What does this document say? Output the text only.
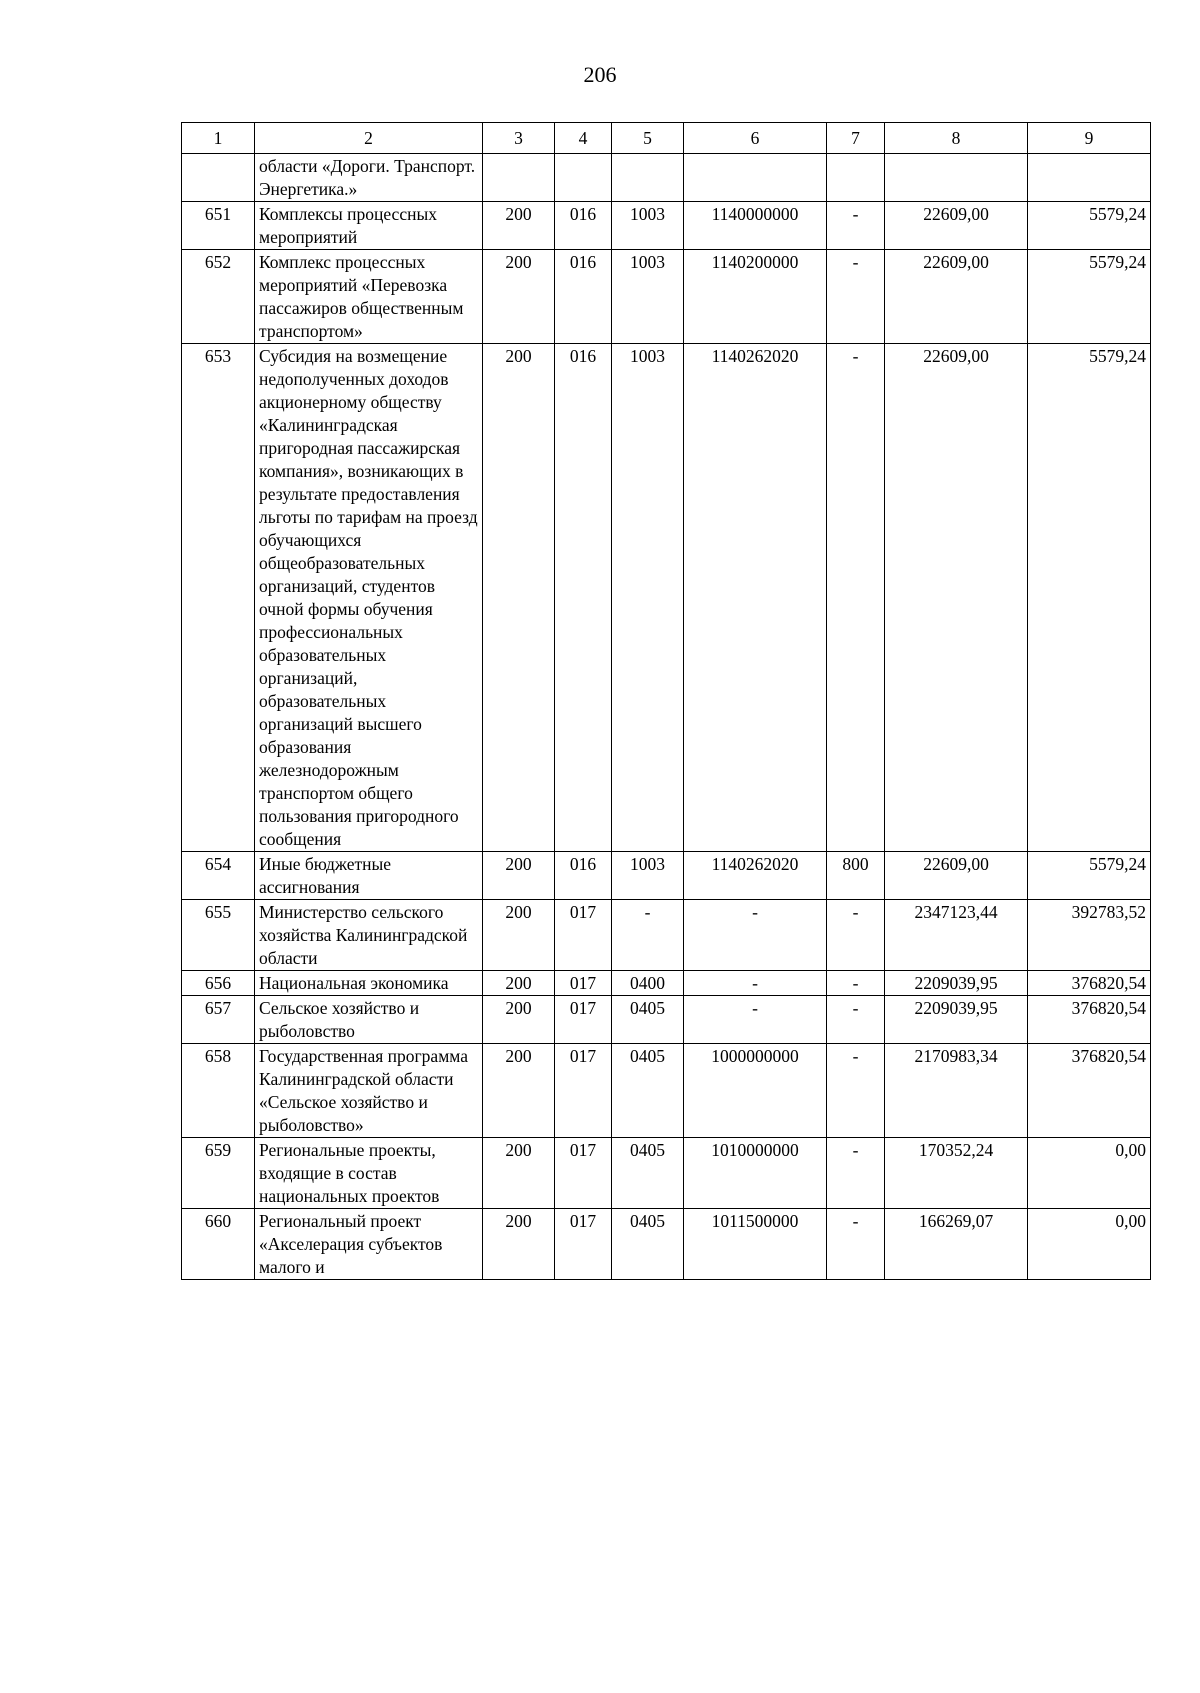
206
1	2	3	4	5	6	7	8	9
	области «Дороги. Транспорт. Энергетика.»							
651	Комплексы процессных мероприятий	200	016	1003	1140000000	-	22609,00	5579,24
652	Комплекс процессных мероприятий «Перевозка пассажиров общественным транспортом»	200	016	1003	1140200000	-	22609,00	5579,24
653	Субсидия на возмещение недополученных доходов акционерному обществу «Калининградская пригородная пассажирская компания», возникающих в результате предоставления льготы по тарифам на проезд обучающихся общеобразовательных организаций, студентов очной формы обучения профессиональных образовательных организаций, образовательных организаций высшего образования железнодорожным транспортом общего пользования пригородного сообщения	200	016	1003	1140262020	-	22609,00	5579,24
654	Иные бюджетные ассигнования	200	016	1003	1140262020	800	22609,00	5579,24
655	Министерство сельского хозяйства Калининградской области	200	017	-	-	-	2347123,44	392783,52
656	Национальная экономика	200	017	0400	-	-	2209039,95	376820,54
657	Сельское хозяйство и рыболовство	200	017	0405	-	-	2209039,95	376820,54
658	Государственная программа Калининградской области «Сельское хозяйство и рыболовство»	200	017	0405	1000000000	-	2170983,34	376820,54
659	Региональные проекты, входящие в состав национальных проектов	200	017	0405	1010000000	-	170352,24	0,00
660	Региональный проект «Акселерация субъектов малого и	200	017	0405	1011500000	-	166269,07	0,00
